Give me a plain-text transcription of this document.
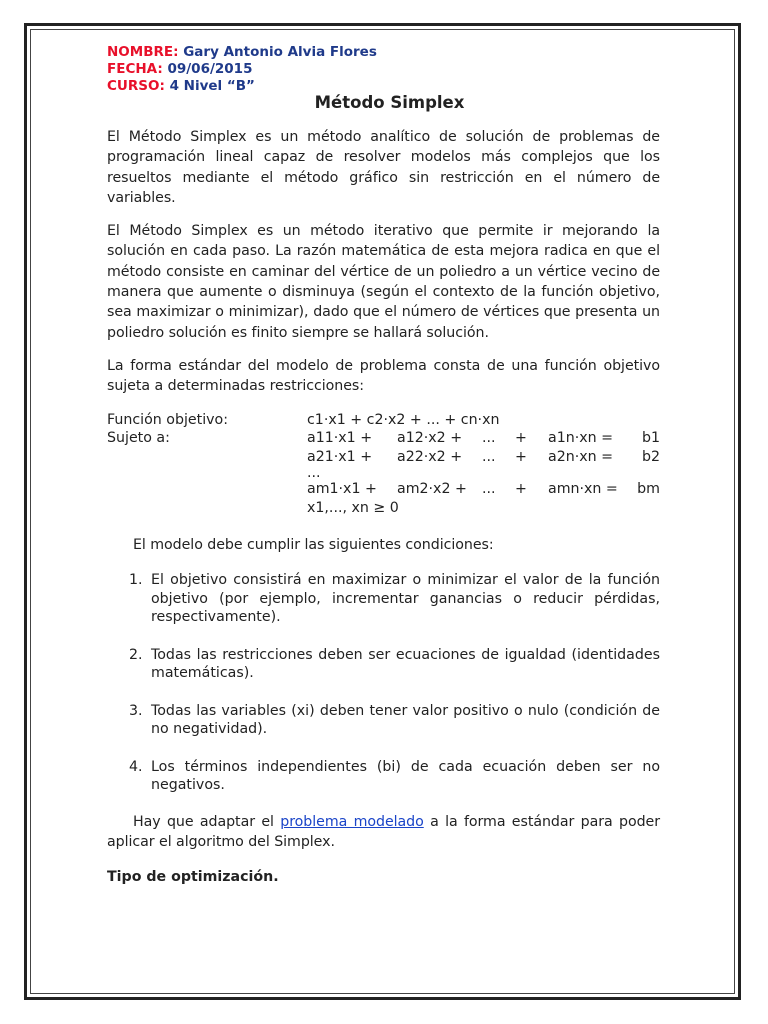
NOMBRE: Gary Antonio Alvia Flores
FECHA: 09/06/2015
CURSO: 4 Nivel “B”
Método Simplex

El Método Simplex es un método analítico de solución de problemas de programación lineal capaz de resolver modelos más complejos que los resueltos mediante el método gráfico sin restricción en el número de variables.

El Método Simplex es un método iterativo que permite ir mejorando la solución en cada paso. La razón matemática de esta mejora radica en que el método consiste en caminar del vértice de un poliedro a un vértice vecino de manera que aumente o disminuya (según el contexto de la función objetivo, sea maximizar o minimizar), dado que el número de vértices que presenta un poliedro solución es finito siempre se hallará solución.

La forma estándar del modelo de problema consta de una función objetivo sujeta a determinadas restricciones:

Función objetivo:	c1·x1 + c2·x2 + ... + cn·xn
Sujeto a:	a11·x1 +	a12·x2 +	...	+	a1n·xn =	b1
a21·x1 +	a22·x2 +	...	+	a2n·xn =	b2
...
am1·x1 +	am2·x2 +	...	+	amn·xn =	bm
x1,..., xn ≥ 0

El modelo debe cumplir las siguientes condiciones:

1. El objetivo consistirá en maximizar o minimizar el valor de la función objetivo (por ejemplo, incrementar ganancias o reducir pérdidas, respectivamente).
2. Todas las restricciones deben ser ecuaciones de igualdad (identidades matemáticas).
3. Todas las variables (xi) deben tener valor positivo o nulo (condición de no negatividad).
4. Los términos independientes (bi) de cada ecuación deben ser no negativos.

Hay que adaptar el problema modelado a la forma estándar para poder aplicar el algoritmo del Simplex.

Tipo de optimización.
